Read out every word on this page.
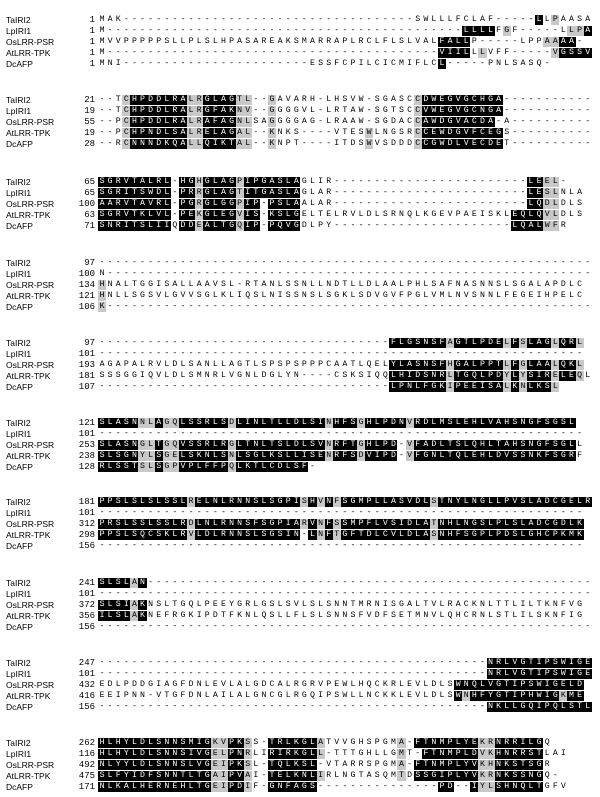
TaIRI2	1 M A K - - - - - - - - - - - - - - - - - - - - - - - - - - - - - - - - - - - - S W L L L F C L A F - - - - - L L P A A S A
LpIRI1	1 M - - - - - - - - - - - - - - - - - - - - - - - - - - - - - - - - - - - - - - - - - - - - L L L L F G F - - - - - L L P A
OsLRR-PSR	1 M V V P P P P P S L L P L S L H P A S A R E A K S M A R R A P L R C L F L S L V A L F A L L P - - - - - L P P A A A A -
AtLRR-TPK	1 M - - - - - - - - - - - - - - - - - - - - - - - - - - - - - - - - - - - - - - - - - V I I L L L V F F - - - - - V G S S V
DcAFP	1 M N I - - - - - - - - - - - - - - - - - - - - - - - E S S F C P I L C I C M I F L C L - - - - - P N L S A S Q -
TaIRI2	21 - - T C H P D D L R A L R G L A G T L - - G A V A R H - L H S V W - S G A S C C D W E G V G C H G A - - - - - - - - - - -
LpIRI1	19 - - T C H P D D L R A L R G F A K N V - - G G G G V L - L R T A W - S G T S C C V W E G V G C N G A - - - - - - - - - - -
OsLRR-PSR	55 - - P C H P D D L R A L R A F A G N L S A G G G G A G - L R A A W - S G D A C C A W D G V A C D A - A - - - - - - - - - -
AtLRR-TPK	19 - - P C H P N D L S A L R E L A G A L - - K N K S - - - - V T E S W L N G S R C C E W D G V F C E G S - - - - - - - - - -
DcAFP	28 - - R C N N N D K Q A L L Q I K T A L - - K N P T - - - - I T D S W V S D D D C C G W D L V E C D E T - - - - - - - - - -
TaIRI2	65 S G R V T A L R L - H G H G L A G P I P G A S L A G L I R - - - - - - - - - - - - - - - - - - - - - - - - L E E L -
LpIRI1	65 S G R I T S W D L - P R R G L A G T I T G A S L A G L A R - - - - - - - - - - - - - - - - - - - - - - - - L E S L N L A
OsLRR-PSR	100 A A R V T A V R L - P G R G L G G P I P - P S L A A L A R - - - - - - - - - - - - - - - - - - - - - - - - L Q D L D L S
AtLRR-TPK	63 S G R V T K L V L - P E K G L E G V I S - K S L G E L T E L R V L D L S R N Q L K G E V P A E I S K L E Q L Q V L D L S
DcAFP	71 S N R I T S L I I Q D D E A L T G Q I P - P Q V G D L P Y - - - - - - - - - - - - - - - - - - - - - - L Q A L W F R
TaIRI2	97 - - - - - - - - - - - - - - - - - - - - - - - - - - - - - - - - - - - - - - - - - - - - - - - - - - - - - - - - - - - - -
LpIRI1	100 N - - - - - - - - - - - - - - - - - - - - - - - - - - - - - - - - - - - - - - - - - - - - - - - - - - - - - - - - - - - -
OsLRR-PSR	134 H N A L T G G I S A L L A A V S L - R T A N L S S N L L N D T L L D L A A L P H L S A F N A S N N S L S G A L A P D L C
AtLRR-TPK	121 H N L L S G S V L G V V S G L K L I Q S L N I S S N S L S G K L S D V G V F P G L V M L N V S N N L F E G E I H P E L C
DcAFP	106 K - - - - - - - - - - - - - - - - - - - - - - - - - - - - - - - - - - - - - - - - - - - - - - - - - - - - - - - - - - - -
TaIRI2	97 - - - - - - - - - - - - - - - - - - - - - - - - - - - - - - - - - - - - F L G S N S F A G T L P D E L F S L A G L Q R L
LpIRI1	101 - - - - - - - - - - - - - - - - - - - - - - - - - - - - - - - - - - - - - - - - - - - - - - - - - - - - - - - - - - - -
OsLRR-PSR	193 A G A P A L R V L D L S A N L L A G T L S P S P S P P P C A A T L Q E L Y L A S N S F H G A L P P T L F G L A A L Q K L
AtLRR-TPK	181 S S S G G I Q V L D L S M N R L V G N L D G L Y N - - - - C S K S I Q Q L H I D S N R L T G Q L P D Y L Y S I R E L E Q L
DcAFP	107 - - - - - - - - - - - - - - - - - - - - - - - - - - - - - - - - - - - - L P N L F G K I P E E I S A L K N L K S L
TaIRI2	121 S L A S N N L A G Q L S S R L S D L I N L T L L D L S I N H F S G H L P D N V R D L M S L E H L V A H S N G F S G S L
LpIRI1	101 - - - - - - - - - - - - - - - - - - - - - - - - - - - - - - - - - - - - - - - - - - - - - - - - - - - - - - - - - - - -
OsLRR-PSR	253 S L A S N G L T G Q V S S R L R G L T N L T S L D L S V N R F T G H L P D - V F A D L T S L Q H L T A H S N G F S G L L
AtLRR-TPK	238 S L S G N Y L S G E L S K N L S N L S G L K S L L I S E N R F S D V I P D - V F G N L T Q L E H L D V S S N K F S G R F
DcAFP	128 R L S S T S L S G P V P L F F P Q L K T L C D L S F -
TaIRI2	181 P P S L S L S L S S L R E L N L R N N S L S G P I S H V N F S G M P L L A S V D L S T N Y L N G L L P V S L A D C G E L R
LpIRI1	101 - - - - - - - - - - - - - - - - - - - - - - - - - - - - - - - - - - - - - - - - - - - - - - - - - - - - - - - - - - - -
OsLRR-PSR	312 P R S L S S L S S L R D L N L R N N S F S G P I A R V N F S S M P F L V S I D L A T N H L N G S L P L S L A D C G D L K
AtLRR-TPK	298 P P S L S Q C S K L R V L D L R N N S L S G S I N - L N F T G F T D L C V L D L A S N H F S G P L P D S L G H C P K M K
DcAFP	156 - - - - - - - - - - - - - - - - - - - - - - - - - - - - - - - - - - - - - - - - - - - - - - - - - - - - - - - - - - - -
TaIRI2	241 S L S L A N - - - - - - - - - - - - - - - - - - - - - - - - - - - - - - - - - - - - - - - - - - - - - - - - - - - - - - -
LpIRI1	101 - - - - - - - - - - - - - - - - - - - - - - - - - - - - - - - - - - - - - - - - - - - - - - - - - - - - - - - - - - - - -
OsLRR-PSR	372 S L S I A K N S L T G Q L P E E Y G R L G S L S V L S L S N N T M R N I S G A L T V L R A C K N L T T L I L T K N F V G
AtLRR-TPK	356 I L S L A K N E F R G K I P D T F K N L Q S L L F L S L S N N S F V D F S E T M N V L Q H C R N L S T L I L S K N F I G
DcAFP	156 - - - - - - - - - - - - - - - - - - - - - - - - - - - - - - - - - - - - - - - - - - - - - - - - - - - - - - - - - - - - -
TaIRI2	247 - - - - - - - - - - - - - - - - - - - - - - - - - - - - - - - - - - - - - - - - - - - - - - - - N R L V G T I P S W I G E
LpIRI1	101 - - - - - - - - - - - - - - - - - - - - - - - - - - - - - - - - - - - - - - - - - - - - - - - - N R L V G T I P S W I G E
OsLRR-PSR	432 E D L P D D G I A G F D N L E V L A L G D C A L R G R V P E W L H Q C K R L E V L D L S W N Q L V G T I P S W I G E L D
AtLRR-TPK	416 E E I P N N - V T G F D N L A I L A L G N C G L R G Q I P S W L L N C K K L E V L D L S W N H F Y G T I P H W I G K M E
DcAFP	156 - - - - - - - - - - - - - - - - - - - - - - - - - - - - - - - - - - - - - - - - - - - - - - - - N K L L G Q I P Q L S T L
TaIRI2	262 H L H Y L D L S N N S M I G K V P K S S - T R L K G L A T V V G H S P G M A - F T N M P L Y E K R N R R I L G Q
LpIRI1	116 H L H Y L D L S N N S I V G E L P N R L I R I R K G L L - T T T G H L L G M T - F T N M P L D V K H N R R S T L A I
OsLRR-PSR	492 N L Y Y L D L S N N S L V G E I P K S L - T Q L K S L - V T A R R S P G M A - F T N M P L Y V K H N K S T S G R
AtLRR-TPK	475 S L F Y I D F S N N T L T G A I P V A I - T E L K N L I R L N G T A S Q M T D S S G I P L Y V K R N K S S N G Q -
DcAFP	171 N L K A L H E R N E H L T G E I P D I F - G N F A G S - - - - - - - - - - - - - - - P D - - I Y L S H N Q L T G F V
